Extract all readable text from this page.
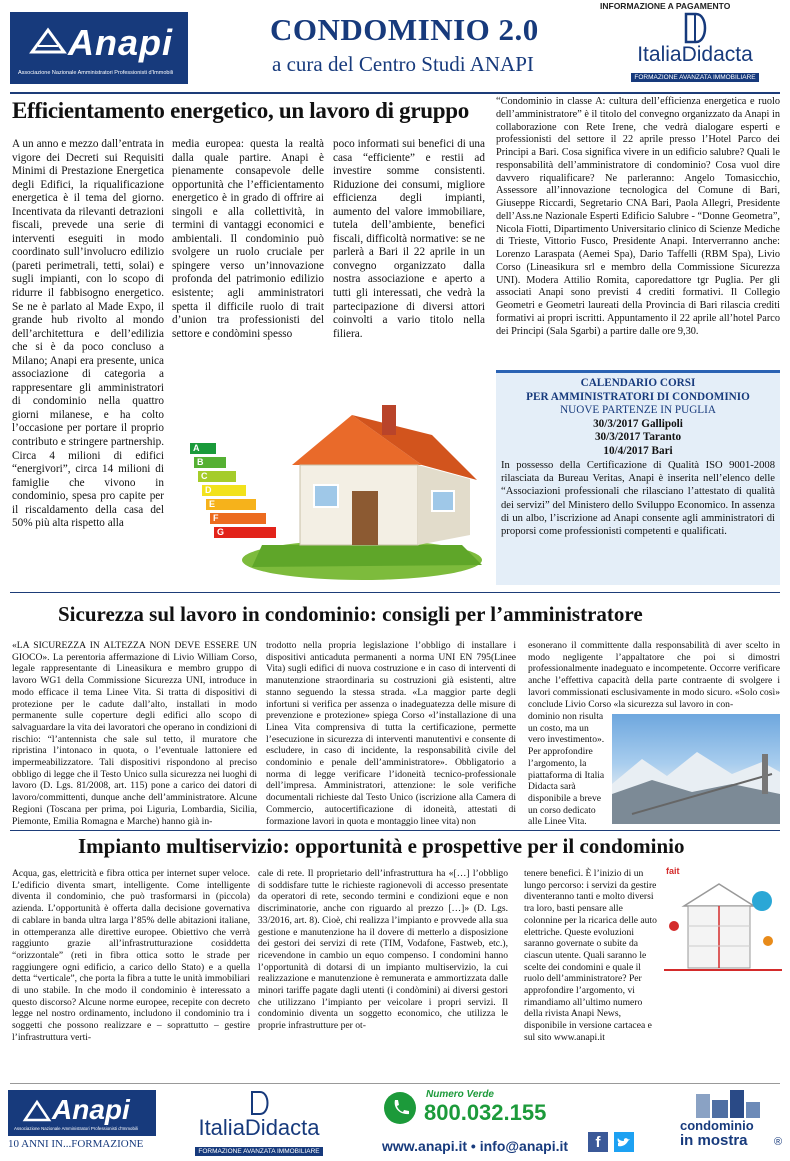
INFORMAZIONE A PAGAMENTO
Anapi
Associazione Nazionale Amministratori Professionisti d'Immobili
CONDOMINIO 2.0
a cura del Centro Studi ANAPI	ItaliaDidacta
FORMAZIONE AVANZATA IMMOBILIARE
Efficientamento energetico, un lavoro di gruppo
A un anno e mezzo dall’entrata in vigore dei Decreti sui Requisiti Minimi di Prestazione Energetica degli Edifici, la riqualificazione energetica è il tema del giorno. Incentivata da rilevanti detrazioni fiscali, prevede una serie di interventi eseguiti in modo coordinato sull’involucro edilizio (pareti perimetrali, tetti, solai) e sugli impianti, con lo scopo di ridurre il fabbisogno energetico. Se ne è parlato al Made Expo, il grande hub rivolto al mondo dell’architettura e dell’edilizia che si è da poco concluso a Milano; Anapi era presente, unica associazione di categoria a rappresentare gli amministratori di condominio nella quattro giorni milanese, e ha colto l’occasione per portare il proprio contributo e stringere partnership. Circa 4 milioni di edifici “energivori”, circa 14 milioni di famiglie che vivono in condominio, spesa pro capite per il riscaldamento della casa del 50% più alta rispetto alla
media europea: questa la realtà dalla quale partire. Anapi è pienamente consapevole delle opportunità che l’efficientamento energetico è in grado di offrire ai singoli e alla collettività, in termini di vantaggi economici e ambientali. Il condominio può svolgere un ruolo cruciale per spingere verso un’innovazione profonda del patrimonio edilizio esistente; agli amministratori spetta il difficile ruolo di trait d’union tra professionisti del settore e condòmini spesso
poco informati sui benefici di una casa “efficiente” e restii ad investire somme consistenti. Riduzione dei consumi, migliore efficienza degli impianti, aumento del valore immobiliare, tutela dell’ambiente, benefici fiscali, difficoltà normative: se ne parlerà a Bari il 22 aprile in un convegno organizzato dalla nostra associazione e aperto a tutti gli interessati, che vedrà la partecipazione di diversi attori coinvolti a vario titolo nella filiera.
“Condominio in classe A: cultura dell’efficienza energetica e ruolo dell’amministratore” è il titolo del convegno organizzato da Anapi in collaborazione con Rete Irene, che vedrà dialogare esperti e professionisti del settore il 22 aprile presso l’Hotel Parco dei Principi a Bari. Cosa significa vivere in un edificio salubre? Quali le responsabilità dell’amministratore di condominio? Cosa vuol dire davvero riqualificare? Ne parleranno: Angelo Tomasicchio, Assessore all’innovazione tecnologica del Comune di Bari, Giuseppe Riccardi, Segretario CNA Bari, Paola Allegri, Presidente dell’Ass.ne Nazionale Esperti Edificio Salubre - “Donne Geometra”, Nicola Fiotti, Dipartimento Universitario clinico di Scienze Mediche di Trieste, Vittorio Fusco, Presidente Anapi. Interverranno anche: Lorenzo Laraspata (Aemei Spa), Dario Taffelli (RBM Spa), Livio Corso (Lineasikura srl e membro della Commissione Sicurezza UNI). Modera Attilio Romita, caporedattore tgr Puglia. Per gli associati Anapi sono previsti 4 crediti formativi. Il Collegio Geometri e Geometri laureati della Provincia di Bari rilascia crediti formativi ai propri iscritti. Appuntamento il 22 aprile all’hotel Parco dei Principi (Sala Sgarbi) a partire dalle ore 9,30.
A
B
C
D
E
F
G
CALENDARIO CORSI
PER AMMINISTRATORI DI CONDOMINIO
NUOVE PARTENZE IN PUGLIA
30/3/2017 Gallipoli
30/3/2017 Taranto
10/4/2017 Bari
In possesso della Certificazione di Qualità ISO 9001-2008 rilasciata da Bureau Veritas, Anapi è inserita nell’elenco delle “Associazioni professionali che rilasciano l’attestato di qualità dei servizi” del Ministero dello Sviluppo Economico. In assenza di un albo, l’iscrizione ad Anapi consente agli amministratori di proporsi come professionisti competenti e qualificati.
Sicurezza sul lavoro in condominio: consigli per l’amministratore
«LA SICUREZZA IN ALTEZZA NON DEVE ESSERE UN GIOCO». La perentoria affermazione di Livio William Corso, legale rappresentante di Lineasikura e membro gruppo di lavoro WG1 della Commissione Sicurezza UNI, introduce in modo efficace il tema Linee Vita. Si tratta di dispositivi di protezione per le cadute dall’alto, installati in modo permanente sulle coperture degli edifici allo scopo di salvaguardare la vita dei lavoratori che operano in condizioni di rischio: “l’antennista che sale sul tetto, il muratore che ripristina l’intonaco in quota, o l’eventuale lattoniere ed impermeabilizzatore. Tali dispositivi rispondono al preciso obbligo di legge che il Testo Unico sulla sicurezza nei luoghi di lavoro (D. Lgs. 81/2008, art. 115) pone a carico dei datori di lavoro/committenti, dunque anche dell’amministratore. Alcune Regioni (Toscana per prima, poi Liguria, Lombardia, Sicilia, Piemonte, Emilia Romagna e Marche) hanno già in-
trodotto nella propria legislazione l’obbligo di installare i dispositivi anticaduta permanenti a norma UNI EN 795(Linee Vita) sugli edifici di nuova costruzione e in caso di interventi di manutenzione straordinaria su costruzioni già esistenti, altre stanno seguendo la stessa strada. «La maggior parte degli infortuni si verifica per assenza o inadeguatezza delle misure di prevenzione e protezione» spiega Corso «l’installazione di una Linea Vita comprensiva di tutta la certificazione, permette l’esecuzione in sicurezza di interventi manutentivi e consente di escludere, in caso di incidente, la responsabilità civile del condominio e penale dell’amministratore». Obbligatorio a norma di legge verificare l’idoneità tecnico-professionale dell’impresa. Amministratori, attenzione: le sole verifiche documentali richieste dal Testo Unico (iscrizione alla Camera di Commercio, autocertificazione di idoneità, attestati di formazione lavori in quota e montaggio linee vita) non
esonerano il committente dalla responsabilità di aver scelto in modo negligente l’appaltatore che poi si dimostri professionalmente inadeguato e incompetente. Occorre verificare anche l’effettiva capacità della parte contraente di svolgere i lavori commissionati esclusivamente in modo sicuro. «Solo così» conclude Livio Corso «la sicurezza sul lavoro in con-
dominio non risulta un costo, ma un vero investimento». Per approfondire l’argomento, la piattaforma di Italia Didacta sarà disponibile a breve un corso dedicato alle Linee Vita.
Impianto multiservizio: opportunità e prospettive per il condominio
Acqua, gas, elettricità e fibra ottica per internet super veloce. L’edificio diventa smart, intelligente. Come intelligente diventa il condominio, che può trasformarsi in (piccola) azienda. L’opportunità è offerta dalla decisione governativa di cablare in banda ultra larga l’85% delle abitazioni italiane, in ottemperanza alle direttive europee. Obiettivo che verrà raggiunto grazie all’infrastrutturazione cosiddetta “orizzontale” (reti in fibra ottica sotto le strade per raggiungere ogni edificio, a carico dello Stato) e a quella detta “verticale”, che porta la fibra a tutte le unità immobiliari di uno stabile. In che modo il condominio è interessato a questo discorso? Alcune norme europee, recepite con decreto legge nel nostro ordinamento, includono il condominio tra i soggetti che possono realizzare e – soprattutto – gestire l’infrastruttura verti-
cale di rete. Il proprietario dell’infrastruttura ha «[…] l’obbligo di soddisfare tutte le richieste ragionevoli di accesso presentate da operatori di rete, secondo termini e condizioni eque e non discriminatorie, anche con riguardo al prezzo […]» (D. Lgs. 33/2016, art. 8). Cioè, chi realizza l’impianto e provvede alla sua gestione e manutenzione ha il dovere di metterlo a disposizione dei gestori dei servizi di rete (TIM, Vodafone, Fastweb, etc.), ricevendone in cambio un equo compenso. I condomini hanno l’opportunità di dotarsi di un impianto multiservizio, la cui realizzazione e manutenzione è remunerata e ammortizzata dalle minori tariffe pagate dagli utenti (i condòmini) ai diversi gestori che utilizzano l’impianto per veicolare i propri servizi. Il condominio diventa un soggetto economico, che utilizza le proprie infrastrutture per ot-
tenere benefici. È l’inizio di un lungo percorso: i servizi da gestire diventeranno tanti e molto diversi tra loro, basti pensare alle colonnine per la ricarica delle auto elettriche. Queste evoluzioni saranno governate o subite da ciascun utente. Quali saranno le scelte dei condomini e quale il ruolo dell’amministratore? Per approfondire l’argomento, vi rimandiamo all’ultimo numero della rivista Anapi News, disponibile in versione cartacea e sul sito www.anapi.it
fait
Anapi
Associazione Nazionale Amministratori Professionisti d'Immobili
10 ANNI IN...FORMAZIONE
ItaliaDidacta
FORMAZIONE AVANZATA IMMOBILIARE
Numero Verde
800.032.155
www.anapi.it • info@anapi.it	f
condominio
in mostra ®
